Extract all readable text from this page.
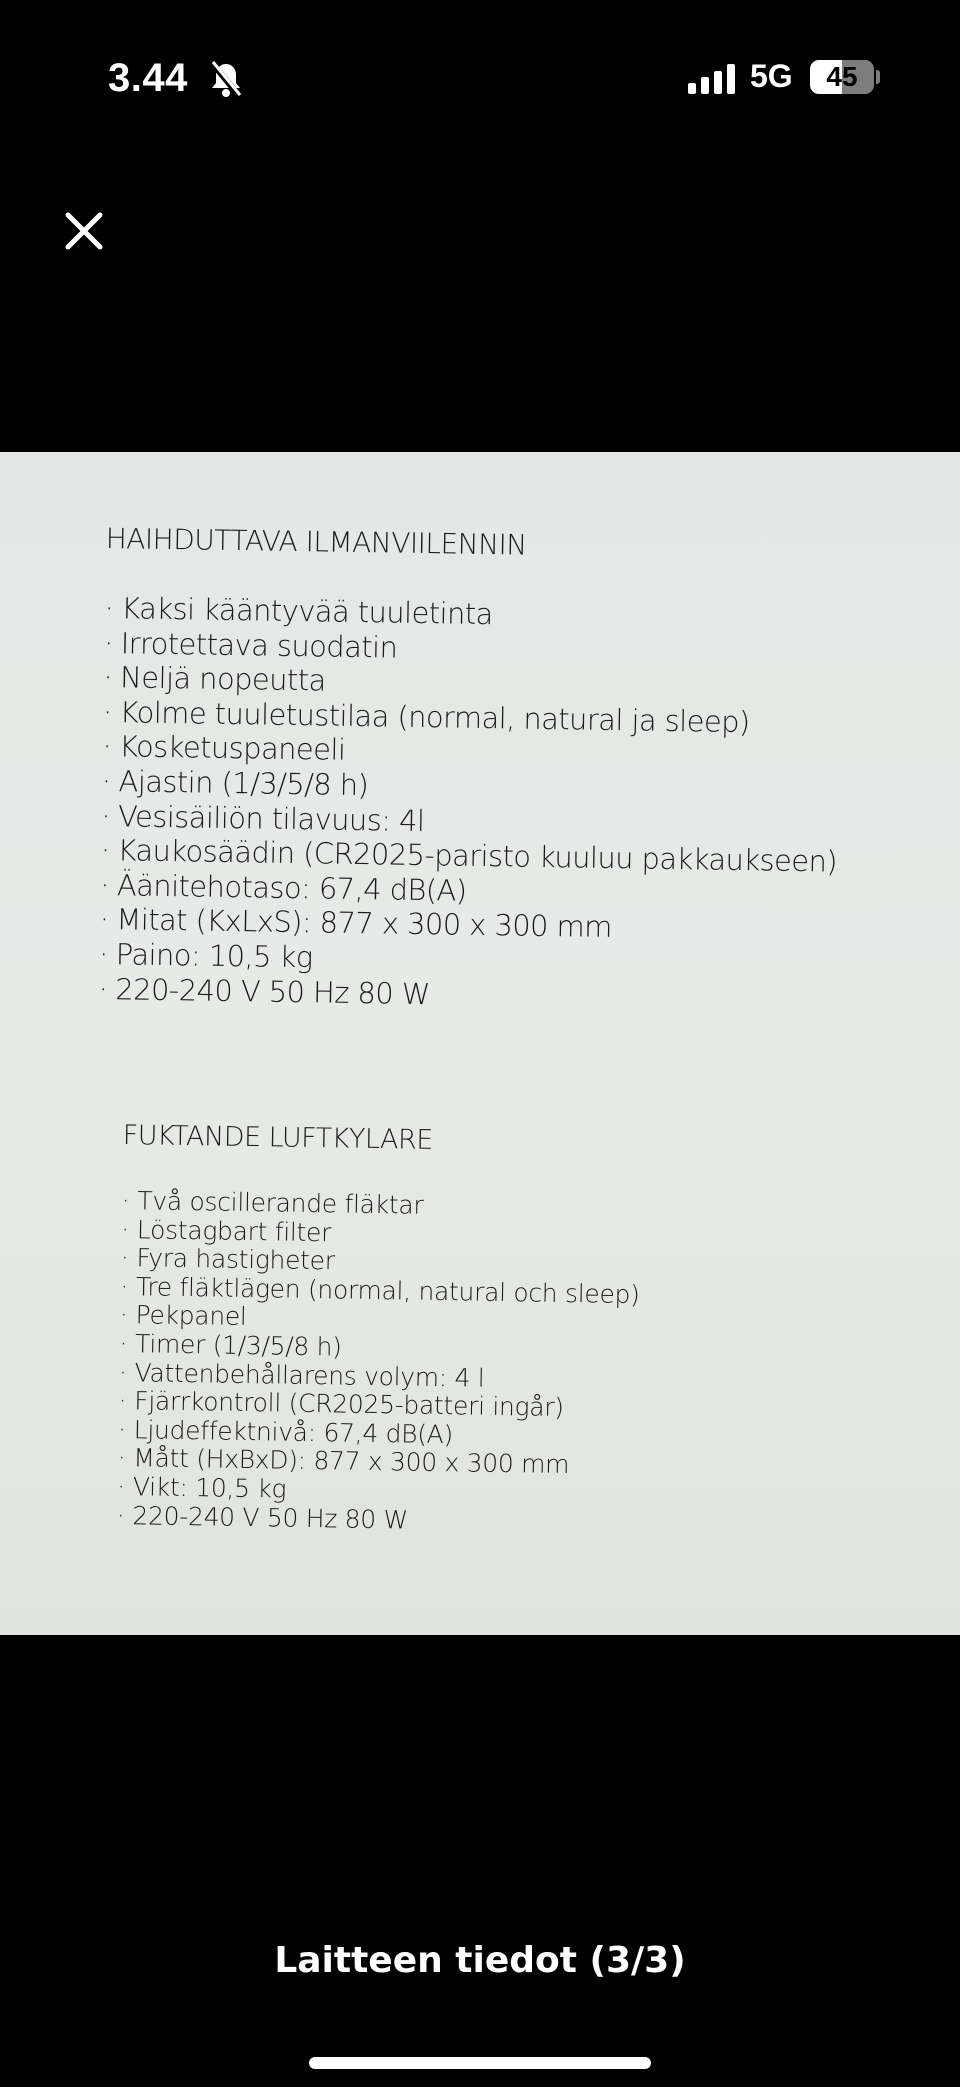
3.44	5G	45
HAIHDUTTAVA ILMANVIILENNIN
· Kaksi kääntyvää tuuletinta
· Irrotettava suodatin
· Neljä nopeutta
· Kolme tuuletustilaa (normal, natural ja sleep)
· Kosketuspaneeli
· Ajastin (1/3/5/8 h)
· Vesisäiliön tilavuus: 4l
· Kaukosäädin (CR2025-paristo kuuluu pakkaukseen)
· Äänitehotaso: 67,4 dB(A)
· Mitat (KxLxS): 877 x 300 x 300 mm
· Paino: 10,5 kg
· 220-240 V 50 Hz 80 W
FUKTANDE LUFTKYLARE
· Två oscillerande fläktar
· Löstagbart filter
· Fyra hastigheter
· Tre fläktlägen (normal, natural och sleep)
· Pekpanel
· Timer (1/3/5/8 h)
· Vattenbehållarens volym: 4 l
· Fjärrkontroll (CR2025-batteri ingår)
· Ljudeffektnivå: 67,4 dB(A)
· Mått (HxBxD): 877 x 300 x 300 mm
· Vikt: 10,5 kg
· 220-240 V 50 Hz 80 W
Laitteen tiedot (3/3)
